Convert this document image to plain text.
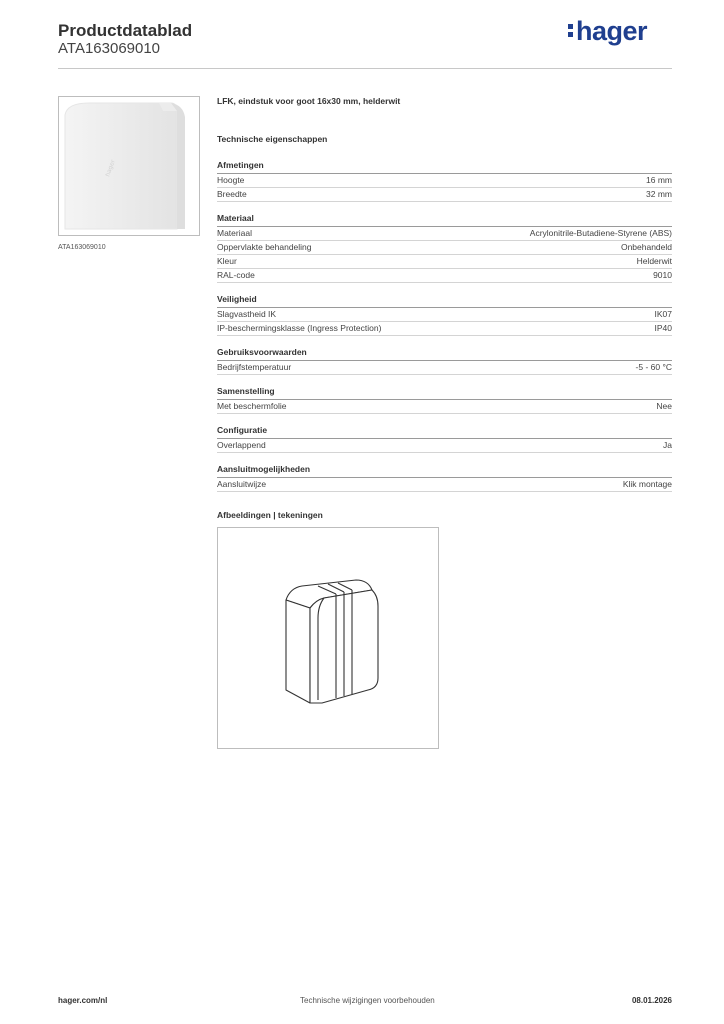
Productdatablad
ATA163069010
hager
hager
ATA163069010
LFK, eindstuk voor goot 16x30 mm, helderwit
Technische eigenschappen
Afmetingen
Hoogte	16 mm
Breedte	32 mm
Materiaal
Materiaal	Acrylonitrile-Butadiene-Styrene (ABS)
Oppervlakte behandeling	Onbehandeld
Kleur	Helderwit
RAL-code	9010
Veiligheid
Slagvastheid IK	IK07
IP-beschermingsklasse (Ingress Protection)	IP40
Gebruiksvoorwaarden
Bedrijfstemperatuur	-5 - 60 °C
Samenstelling
Met beschermfolie	Nee
Configuratie
Overlappend	Ja
Aansluitmogelijkheden
Aansluitwijze	Klik montage
Afbeeldingen | tekeningen
hager.com/nl	Technische wijzigingen voorbehouden	08.01.2026
